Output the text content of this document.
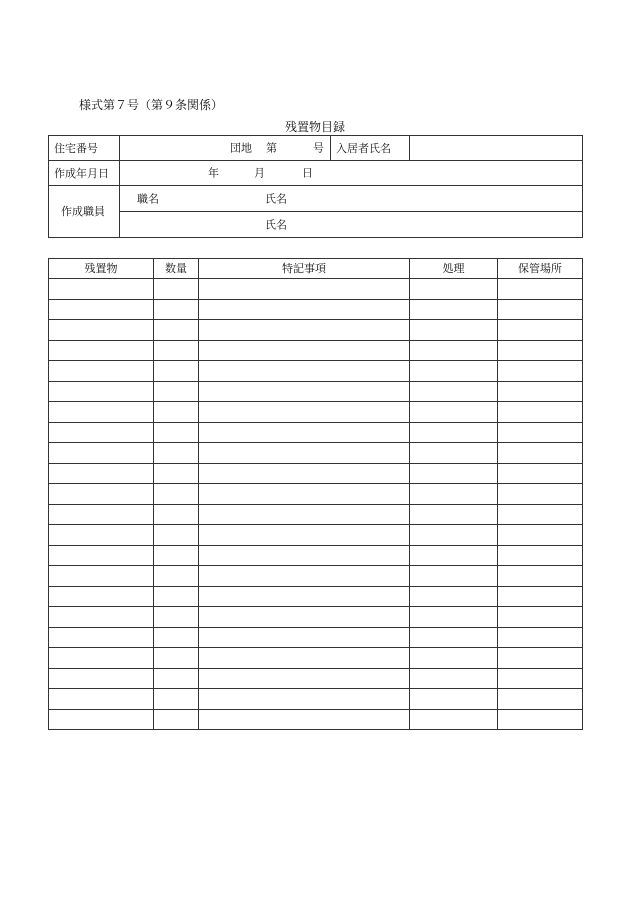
様式第７号（第９条関係）
残置物目録
住宅番号	団地 第 号	入居者氏名	
作成年月日	年 月 日		

作成職員	職名 氏名		

	氏名		
残置物	数量	特記事項	処理	保管場所
